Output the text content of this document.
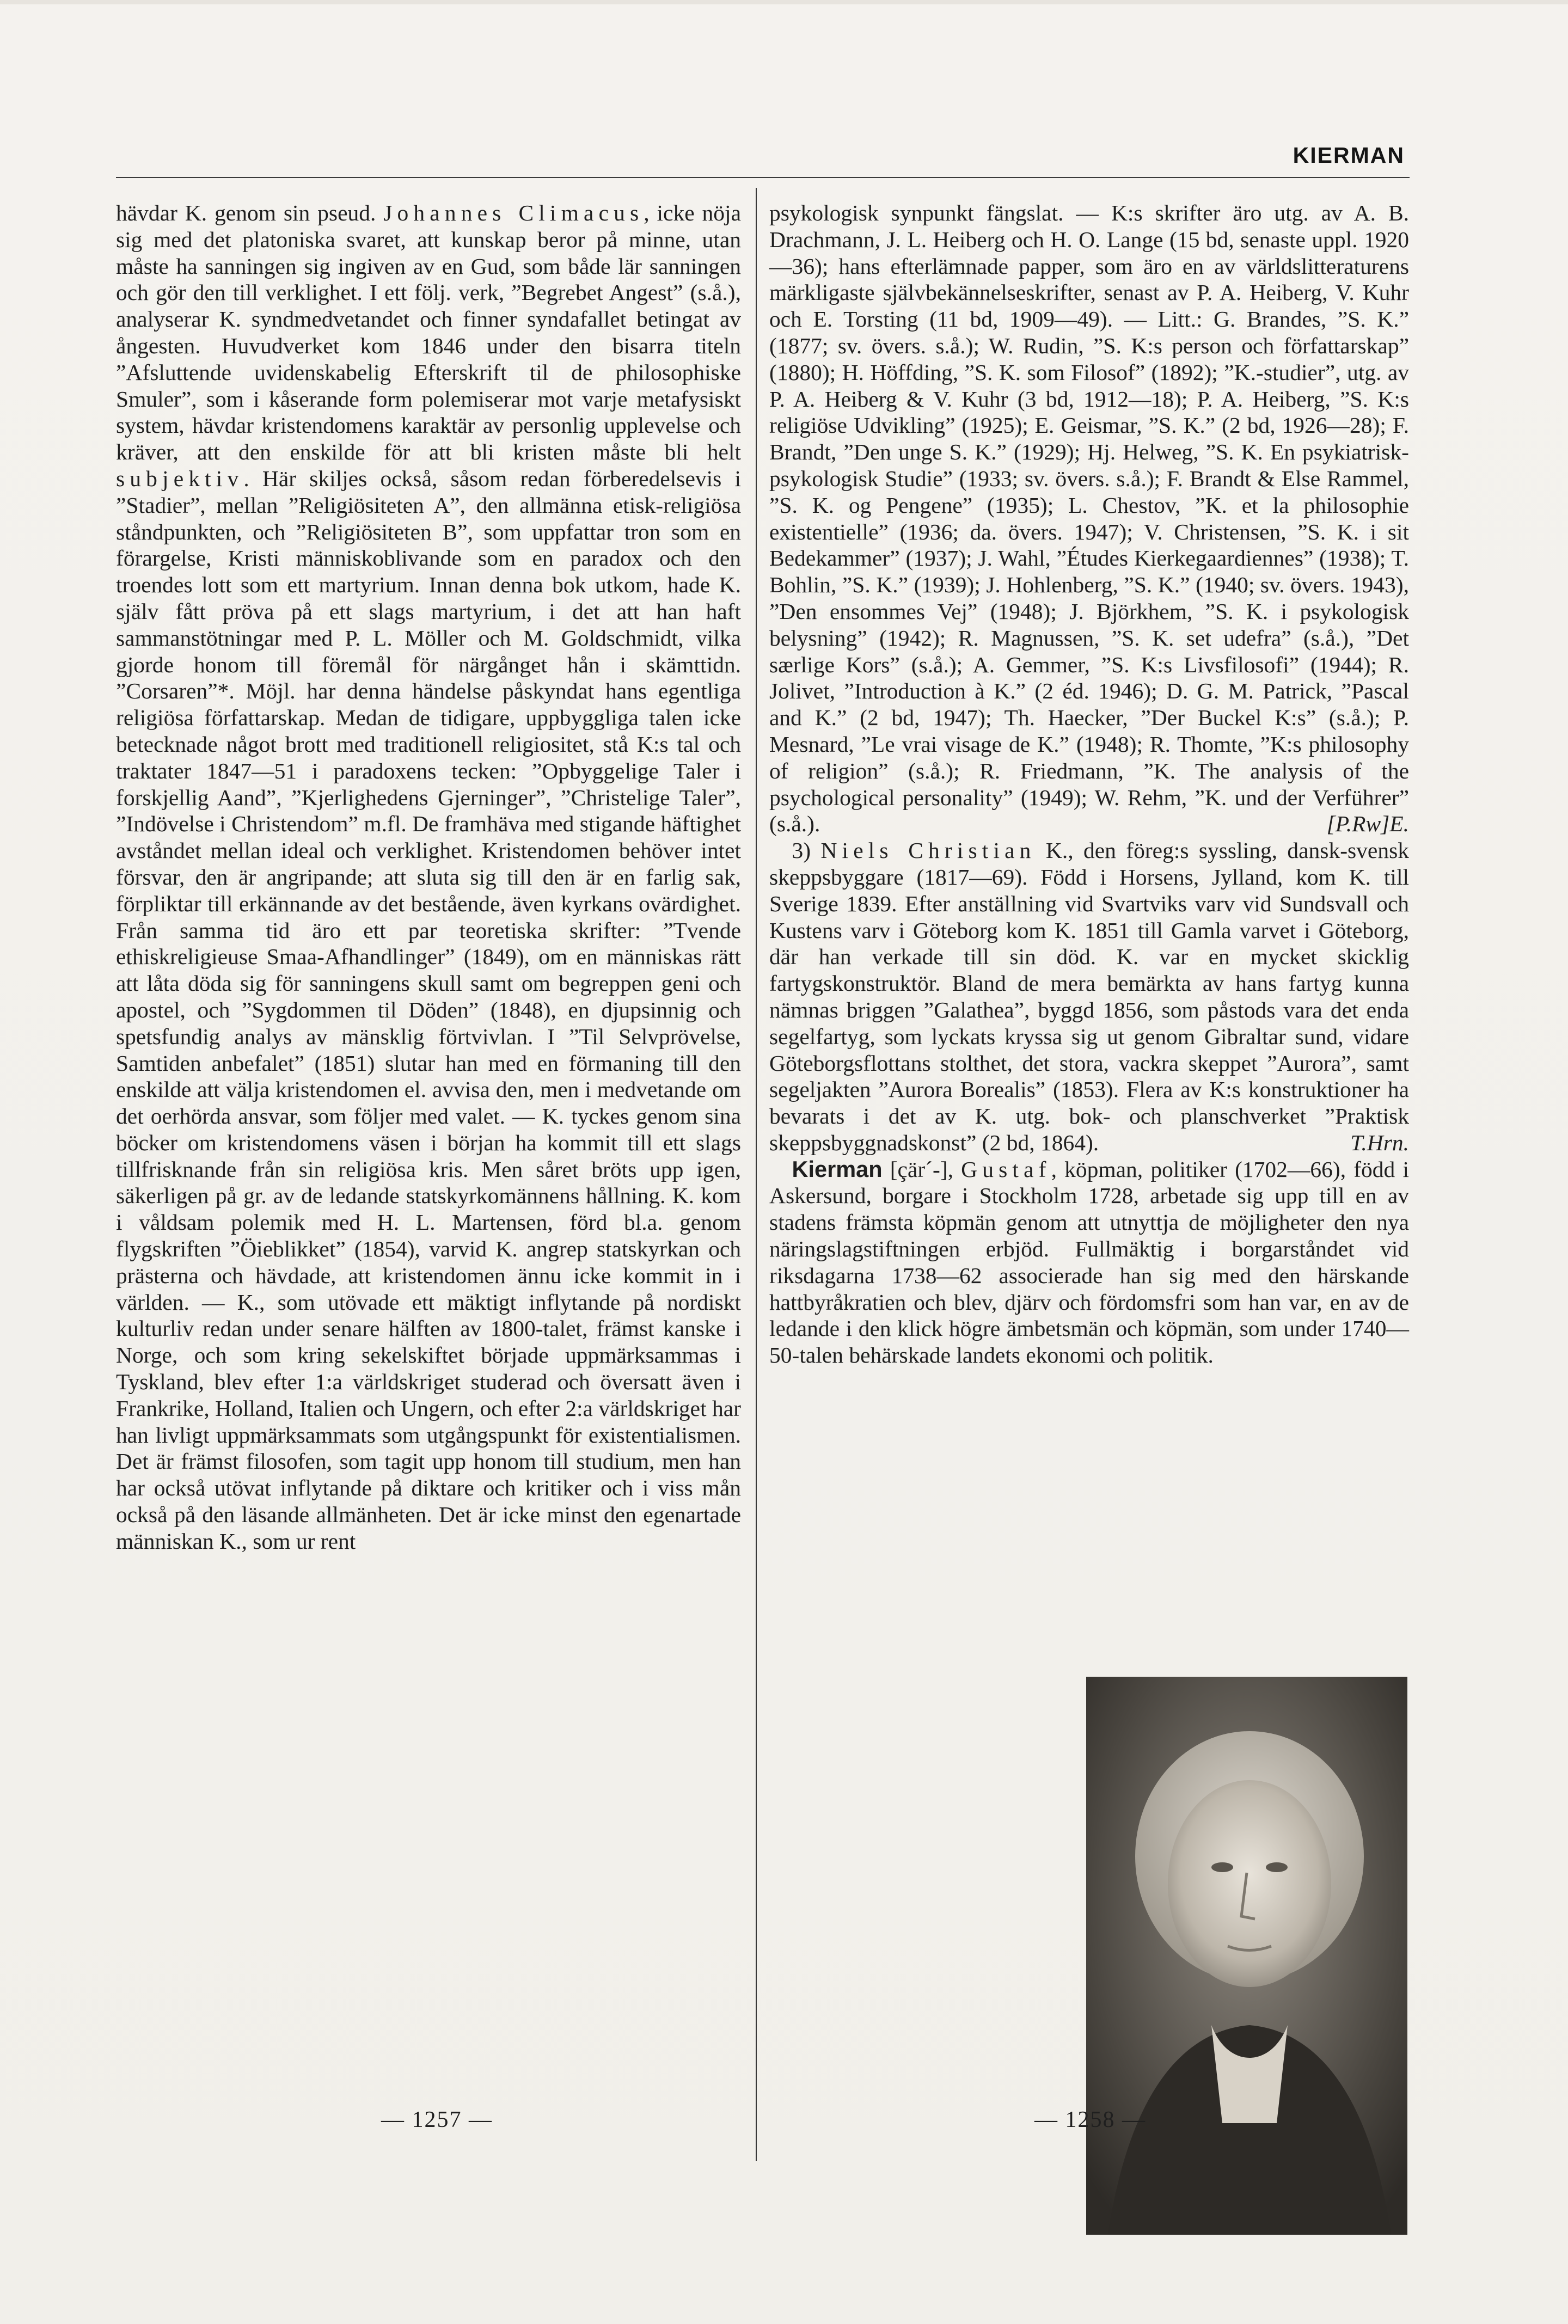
KIERMAN

hävdar K. genom sin pseud. Johannes Climacus, icke nöja sig med det platoniska svaret, att kunskap beror på minne, utan måste ha sanningen sig ingiven av en Gud, som både lär sanningen och gör den till verklighet. I ett följ. verk, ”Begrebet Angest” (s.å.), analyserar K. syndmedvetandet och finner syndafallet betingat av ångesten. Huvudverket kom 1846 under den bisarra titeln ”Afsluttende uvidenskabelig Efterskrift til de philosophiske Smuler”, som i kåserande form polemiserar mot varje metafysiskt system, hävdar kristendomens karaktär av personlig upplevelse och kräver, att den enskilde för att bli kristen måste bli helt subjektiv. Här skiljes också, såsom redan förberedelsevis i ”Stadier”, mellan ”Religiösiteten A”, den allmänna etisk-religiösa ståndpunkten, och ”Religiösiteten B”, som uppfattar tron som en förargelse, Kristi människoblivande som en paradox och den troendes lott som ett martyrium. Innan denna bok utkom, hade K. själv fått pröva på ett slags martyrium, i det att han haft sammanstötningar med P. L. Möller och M. Goldschmidt, vilka gjorde honom till föremål för närgånget hån i skämttidn. ”Corsaren”*. Möjl. har denna händelse påskyndat hans egentliga religiösa författarskap. Medan de tidigare, uppbyggliga talen icke betecknade något brott med traditionell religiositet, stå K:s tal och traktater 1847—51 i paradoxens tecken: ”Opbyggelige Taler i forskjellig Aand”, ”Kjerlighedens Gjerninger”, ”Christelige Taler”, ”Indövelse i Christendom” m.fl. De framhäva med stigande häftighet avståndet mellan ideal och verklighet. Kristendomen behöver intet försvar, den är angripande; att sluta sig till den är en farlig sak, förpliktar till erkännande av det bestående, även kyrkans ovärdighet. Från samma tid äro ett par teoretiska skrifter: ”Tvende ethiskreligieuse Smaa-Afhandlinger” (1849), om en människas rätt att låta döda sig för sanningens skull samt om begreppen geni och apostel, och ”Sygdommen til Döden” (1848), en djupsinnig och spetsfundig analys av mänsklig förtvivlan. I ”Til Selvprövelse, Samtiden anbefalet” (1851) slutar han med en förmaning till den enskilde att välja kristendomen el. avvisa den, men i medvetande om det oerhörda ansvar, som följer med valet. — K. tyckes genom sina böcker om kristendomens väsen i början ha kommit till ett slags tillfrisknande från sin religiösa kris. Men såret bröts upp igen, säkerligen på gr. av de ledande statskyrkomännens hållning. K. kom i våldsam polemik med H. L. Martensen, förd bl.a. genom flygskriften ”Öieblikket” (1854), varvid K. angrep statskyrkan och prästerna och hävdade, att kristendomen ännu icke kommit in i världen. — K., som utövade ett mäktigt inflytande på nordiskt kulturliv redan under senare hälften av 1800-talet, främst kanske i Norge, och som kring sekelskiftet började uppmärksammas i Tyskland, blev efter 1:a världskriget studerad och översatt även i Frankrike, Holland, Italien och Ungern, och efter 2:a världskriget har han livligt uppmärksammats som utgångspunkt för existentialismen. Det är främst filosofen, som tagit upp honom till studium, men han har också utövat inflytande på diktare och kritiker och i viss mån också på den läsande allmänheten. Det är icke minst den egenartade människan K., som ur rent

psykologisk synpunkt fängslat. — K:s skrifter äro utg. av A. B. Drachmann, J. L. Heiberg och H. O. Lange (15 bd, senaste uppl. 1920—36); hans efterlämnade papper, som äro en av världslitteraturens märkligaste självbekännelseskrifter, senast av P. A. Heiberg, V. Kuhr och E. Torsting (11 bd, 1909—49). — Litt.: G. Brandes, ”S. K.” (1877; sv. övers. s.å.); W. Rudin, ”S. K:s person och författarskap” (1880); H. Höffding, ”S. K. som Filosof” (1892); ”K.-studier”, utg. av P. A. Heiberg & V. Kuhr (3 bd, 1912—18); P. A. Heiberg, ”S. K:s religiöse Udvikling” (1925); E. Geismar, ”S. K.” (2 bd, 1926—28); F. Brandt, ”Den unge S. K.” (1929); Hj. Helweg, ”S. K. En psykiatrisk-psykologisk Studie” (1933; sv. övers. s.å.); F. Brandt & Else Rammel, ”S. K. og Pengene” (1935); L. Chestov, ”K. et la philosophie existentielle” (1936; da. övers. 1947); V. Christensen, ”S. K. i sit Bedekammer” (1937); J. Wahl, ”Études Kierkegaardiennes” (1938); T. Bohlin, ”S. K.” (1939); J. Hohlenberg, ”S. K.” (1940; sv. övers. 1943), ”Den ensommes Vej” (1948); J. Björkhem, ”S. K. i psykologisk belysning” (1942); R. Magnussen, ”S. K. set udefra” (s.å.), ”Det særlige Kors” (s.å.); A. Gemmer, ”S. K:s Livsfilosofi” (1944); R. Jolivet, ”Introduction à K.” (2 éd. 1946); D. G. M. Patrick, ”Pascal and K.” (2 bd, 1947); Th. Haecker, ”Der Buckel K:s” (s.å.); P. Mesnard, ”Le vrai visage de K.” (1948); R. Thomte, ”K:s philosophy of religion” (s.å.); R. Friedmann, ”K. The analysis of the psychological personality” (1949); W. Rehm, ”K. und der Verführer” (s.å.).	[P.Rw]E.

3) Niels Christian K., den föreg:s syssling, dansk-svensk skeppsbyggare (1817—69). Född i Horsens, Jylland, kom K. till Sverige 1839. Efter anställning vid Svartviks varv vid Sundsvall och Kustens varv i Göteborg kom K. 1851 till Gamla varvet i Göteborg, där han verkade till sin död. K. var en mycket skicklig fartygskonstruktör. Bland de mera bemärkta av hans fartyg kunna nämnas briggen ”Galathea”, byggd 1856, som påstods vara det enda segelfartyg, som lyckats kryssa sig ut genom Gibraltar sund, vidare Göteborgsflottans stolthet, det stora, vackra skeppet ”Aurora”, samt segeljakten ”Aurora Borealis” (1853). Flera av K:s konstruktioner ha bevarats i det av K. utg. bok- och planschverket ”Praktisk skeppsbyggnadskonst” (2 bd, 1864).	T.Hrn.

Kierman [çär´-], Gustaf, köpman, politiker (1702—66), född i Askersund, borgare i Stockholm 1728, arbetade sig upp till en av stadens främsta köpmän genom att utnyttja de möjligheter den nya näringslagstiftningen erbjöd. Fullmäktig i borgarståndet vid riksdagarna 1738—62 associerade han sig med den härskande hattbyråkratien och blev, djärv och fördomsfri som han var, en av de ledande i den klick högre ämbetsmän och köpmän, som under 1740—50-talen behärskade landets ekonomi och politik.

— 1257 —	— 1258 —
